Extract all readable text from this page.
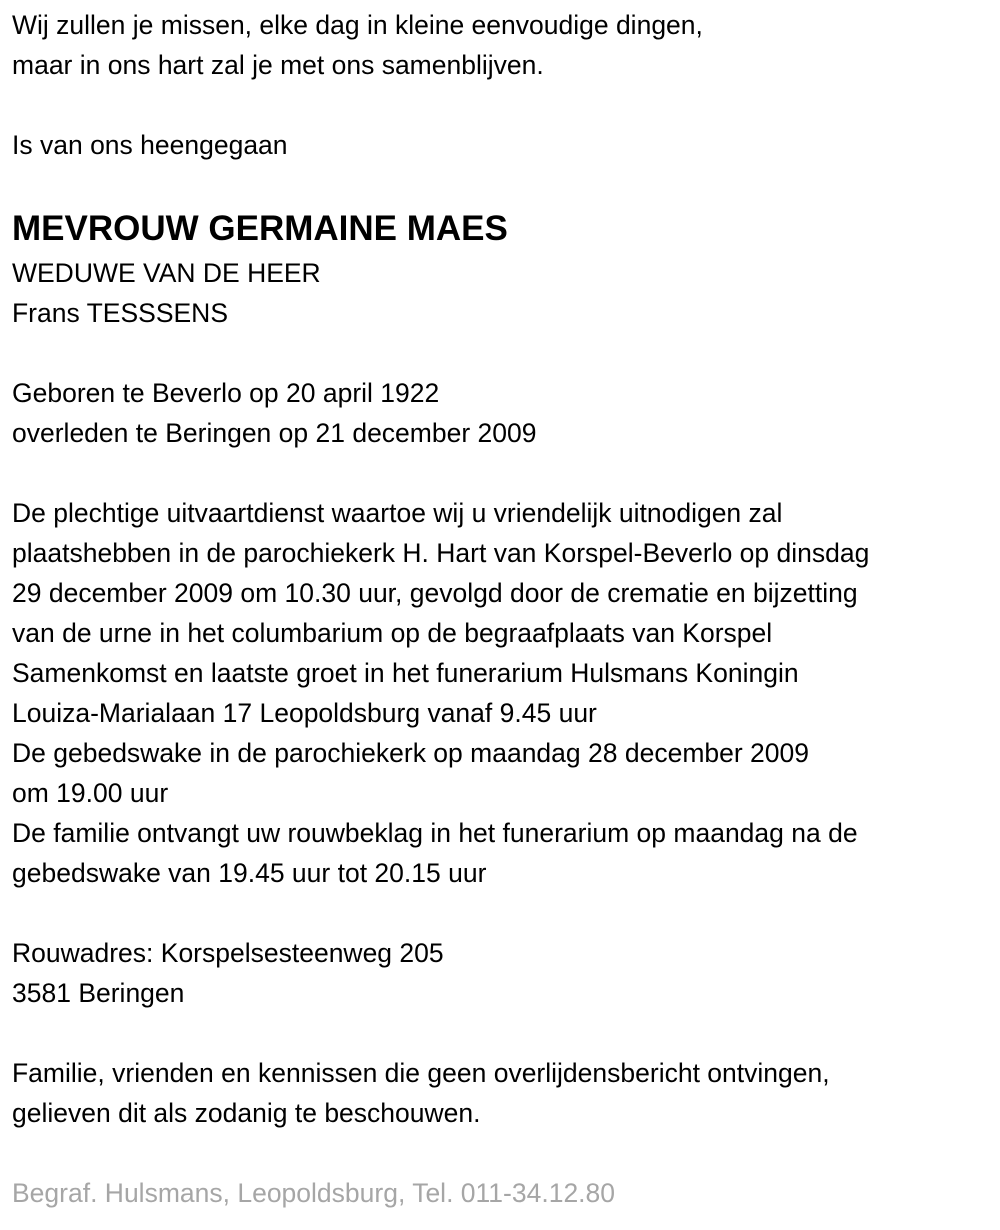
Wij zullen je missen, elke dag in kleine eenvoudige dingen,
maar in ons hart zal je met ons samenblijven.
Is van ons heengegaan
MEVROUW GERMAINE MAES
WEDUWE VAN DE HEER
Frans TESSSENS
Geboren te Beverlo op 20 april 1922
overleden te Beringen op 21 december 2009
De plechtige uitvaartdienst waartoe wij u vriendelijk uitnodigen zal
plaatshebben in de parochiekerk H. Hart van Korspel-Beverlo op dinsdag
29 december 2009 om 10.30 uur, gevolgd door de crematie en bijzetting
van de urne in het columbarium op de begraafplaats van Korspel
Samenkomst en laatste groet in het funerarium Hulsmans Koningin
Louiza-Marialaan 17 Leopoldsburg vanaf 9.45 uur
De gebedswake in de parochiekerk op maandag 28 december 2009
om 19.00 uur
De familie ontvangt uw rouwbeklag in het funerarium op maandag na de
gebedswake van 19.45 uur tot 20.15 uur
Rouwadres: Korspelsesteenweg 205
3581 Beringen
Familie, vrienden en kennissen die geen overlijdensbericht ontvingen,
gelieven dit als zodanig te beschouwen.
Begraf. Hulsmans, Leopoldsburg, Tel. 011-34.12.80
